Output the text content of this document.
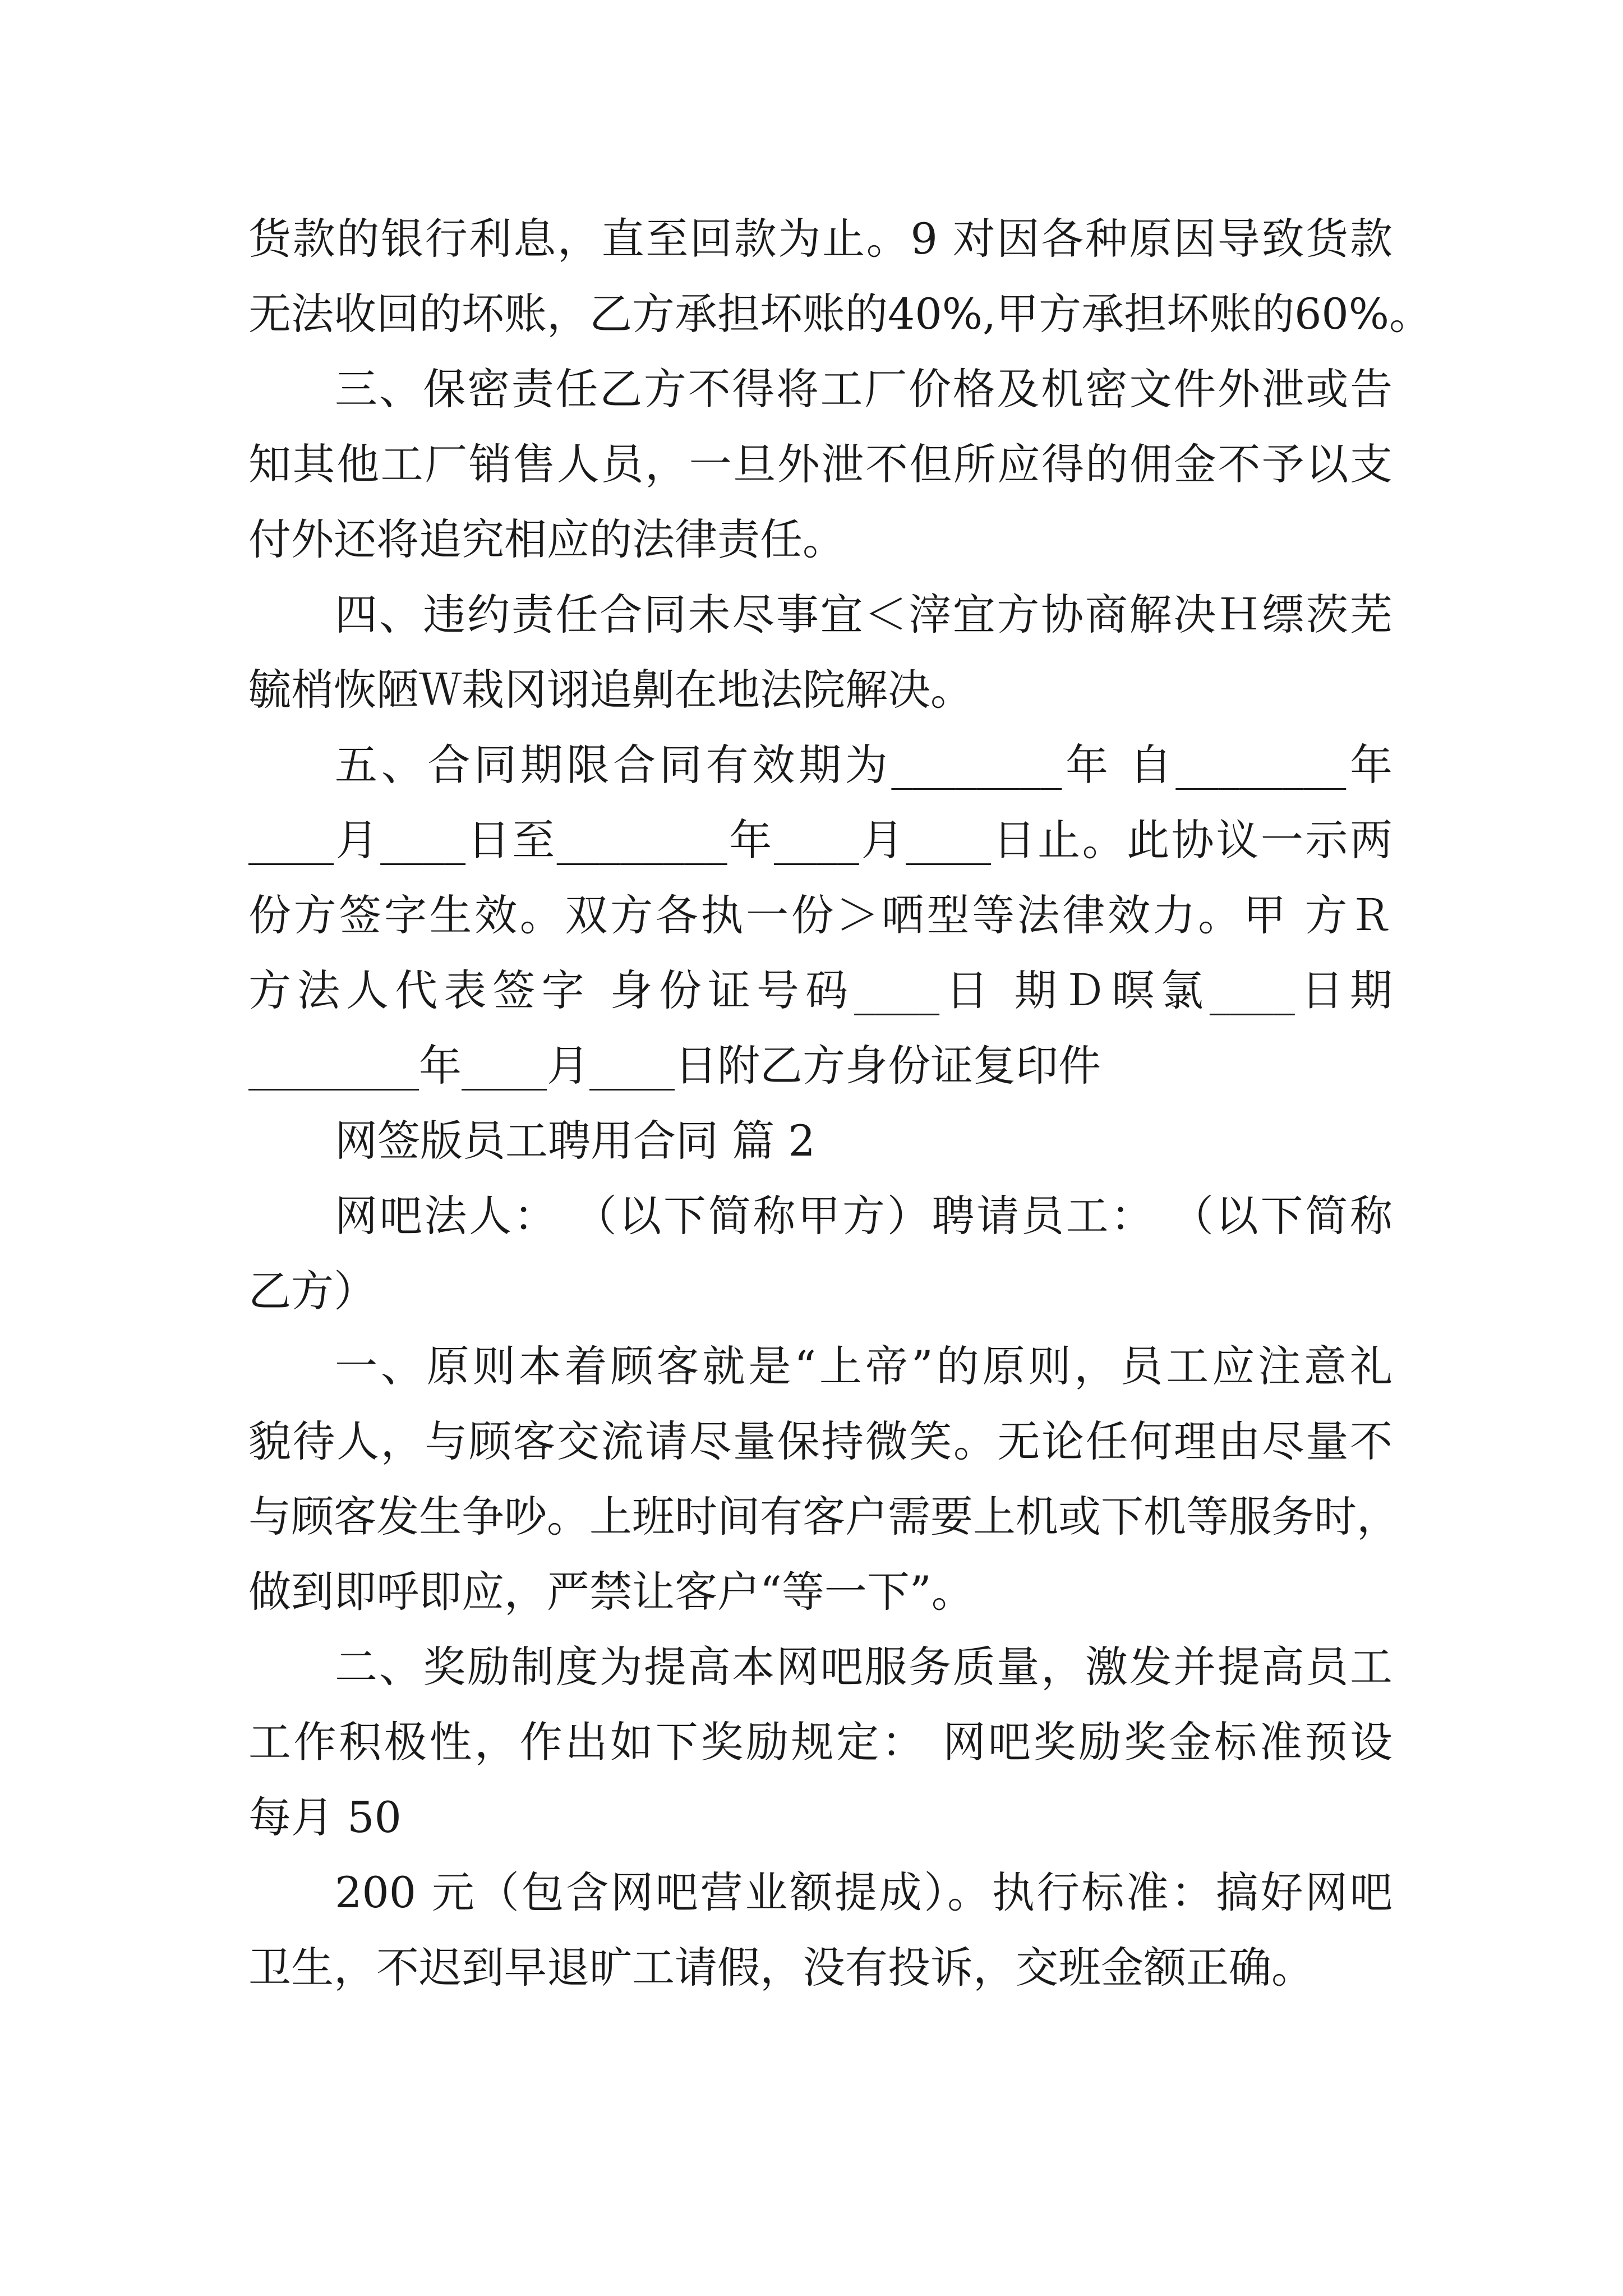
货款的银行利息，直至回款为止。9 对因各种原因导致货款
无法收回的坏账，乙方承担坏账的40%,甲方承担坏账的60%。
三、保密责任乙方不得将工厂价格及机密文件外泄或告
知其他工厂销售人员，一旦外泄不但所应得的佣金不予以支
付外还将追究相应的法律责任。
四、违约责任合同未尽事宜＜滓宜方协商解决Ｈ缥茨芜
毓梢恢陋Ｗ栽冈诩追劓在地法院解决。
五、合同期限合同有效期为________年 自________年
____月____日至________年____月____日止。此协议一示两
份方签字生效。双方各执一份＞哂型等法律效力。甲 方Ｒ
方法人代表签字 身份证号码____日 期Ｄ暝氯____日期
________年____月____日附乙方身份证复印件
网签版员工聘用合同 篇 2
网吧法人： （以下简称甲方）聘请员工： （以下简称
乙方）
一、原则本着顾客就是“上帝”的原则，员工应注意礼
貌待人，与顾客交流请尽量保持微笑。无论任何理由尽量不
与顾客发生争吵。上班时间有客户需要上机或下机等服务时，
做到即呼即应，严禁让客户“等一下”。
二、奖励制度为提高本网吧服务质量，激发并提高员工
工作积极性，作出如下奖励规定： 网吧奖励奖金标准预设
每月 50
200 元（包含网吧营业额提成）。执行标准：搞好网吧
卫生，不迟到早退旷工请假，没有投诉，交班金额正确。
